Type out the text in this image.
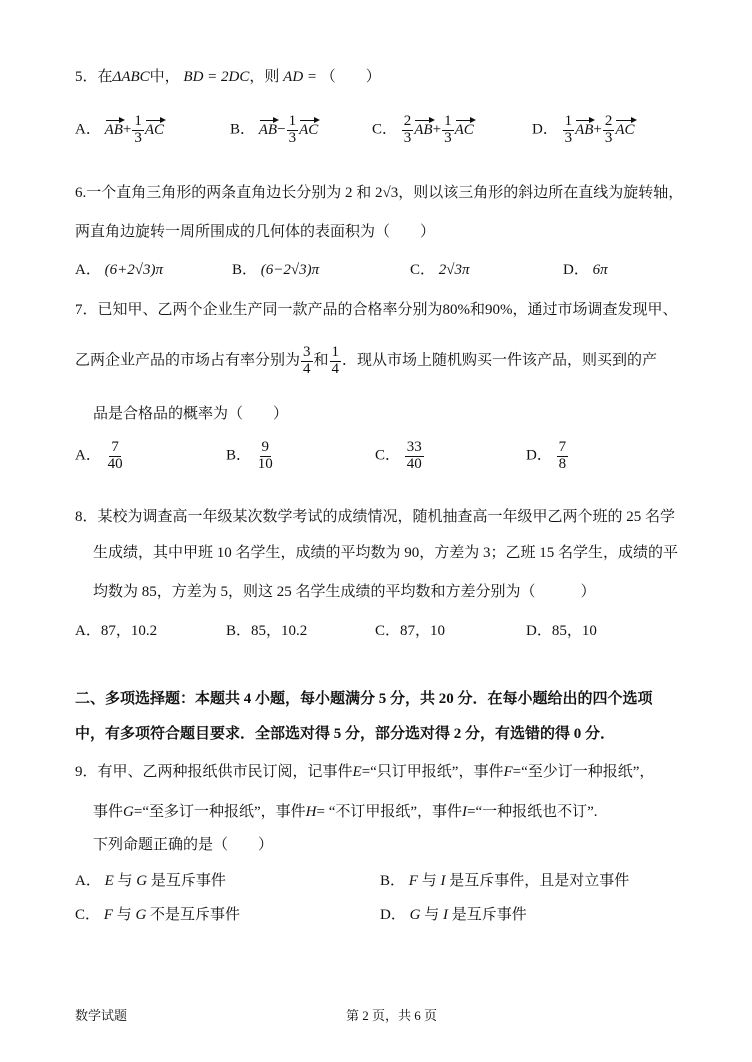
5．在ΔABC中， BD = 2DC，则 AD = （　　）
A． $AB+ \frac{1}{3}$ AC	B． $AB- \frac{1}{3}$ AC	C． $\frac{2}{3} AB+ \frac{1}{3}$ AC	D． $\frac{1}{3} AB+ \frac{2}{3}$ AC
6.一个直角三角形的两条直角边长分别为 2 和 2√3，则以该三角形的斜边所在直线为旋转轴，
两直角边旋转一周所围成的几何体的表面积为（　　）
A． (6+2√3)π	B． (6−2√3)π	C． 2√3π	D． 6π
7．已知甲、乙两个企业生产同一款产品的合格率分别为80%和90%，通过市场调查发现甲、
乙两企业产品的市场占有率分别为 $\frac{3}{4}$ 和 $\frac{1}{4}$ ．现从市场上随机购买一件该产品，则买到的产
品是合格品的概率为（　　）
A． $\frac{7}{40}$	B． $\frac{9}{10}$	C． $\frac{33}{40}$	D． $\frac{7}{8}$
8．某校为调查高一年级某次数学考试的成绩情况，随机抽查高一年级甲乙两个班的 25 名学
生成绩，其中甲班 10 名学生，成绩的平均数为 90，方差为 3；乙班 15 名学生，成绩的平
均数为 85，方差为 5，则这 25 名学生成绩的平均数和方差分别为（　　　）
A．87，10.2	B．85，10.2	C．87，10	D．85，10
二、多项选择题：本题共 4 小题，每小题满分 5 分，共 20 分．在每小题给出的四个选项
中，有多项符合题目要求．全部选对得 5 分，部分选对得 2 分，有选错的得 0 分．
9．有甲、乙两种报纸供市民订阅，记事件E=“只订甲报纸”，事件F=“至少订一种报纸”，
事件G=“至多订一种报纸”，事件H= “不订甲报纸”，事件I=“一种报纸也不订”.
下列命题正确的是（　　）
A． E 与 G 是互斥事件	B． F 与 I 是互斥事件，且是对立事件
C． F 与 G 不是互斥事件	D． G 与 I 是互斥事件
数学试题	第 2 页，共 6 页
